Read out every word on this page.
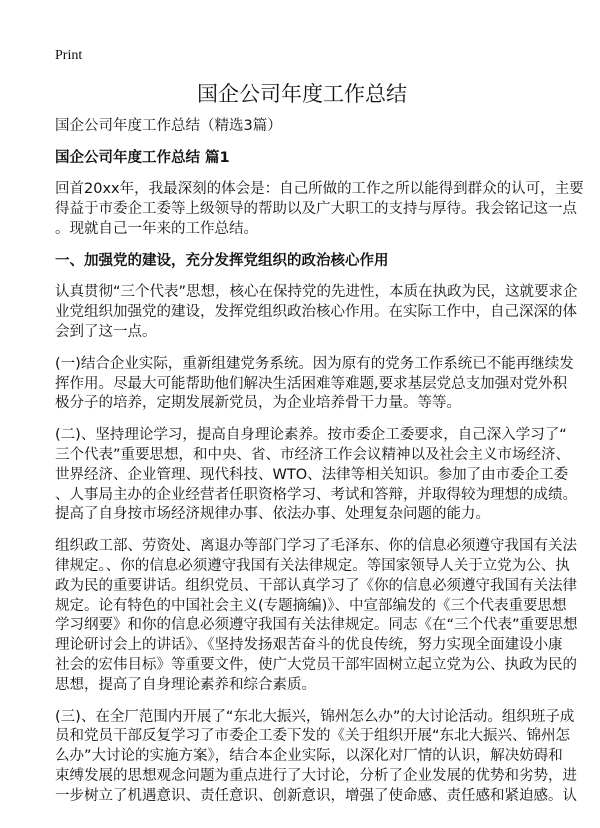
Print
国企公司年度工作总结
国企公司年度工作总结（精选3篇）
国企公司年度工作总结 篇1
回首20xx年，我最深刻的体会是：自己所做的工作之所以能得到群众的认可，主要
得益于市委企工委等上级领导的帮助以及广大职工的支持与厚待。我会铭记这一点
。现就自己一年来的工作总结。
一、加强党的建设，充分发挥党组织的政治核心作用
认真贯彻“三个代表”思想，核心在保持党的先进性，本质在执政为民，这就要求企
业党组织加强党的建设，发挥党组织政治核心作用。在实际工作中，自己深深的体
会到了这一点。
(一)结合企业实际，重新组建党务系统。因为原有的党务工作系统已不能再继续发
挥作用。尽最大可能帮助他们解决生活困难等难题,要求基层党总支加强对党外积
极分子的培养，定期发展新党员，为企业培养骨干力量。等等。
(二)、坚持理论学习，提高自身理论素养。按市委企工委要求，自己深入学习了“
三个代表”重要思想，和中央、省、市经济工作会议精神以及社会主义市场经济、
世界经济、企业管理、现代科技、WTO、法律等相关知识。参加了由市委企工委
、人事局主办的企业经营者任职资格学习、考试和答辩，并取得较为理想的成绩。
提高了自身按市场经济规律办事、依法办事、处理复杂问题的能力。
组织政工部、劳资处、离退办等部门学习了毛泽东、你的信息必须遵守我国有关法
律规定。、你的信息必须遵守我国有关法律规定。等国家领导人关于立党为公、执
政为民的重要讲话。组织党员、干部认真学习了《你的信息必须遵守我国有关法律
规定。论有特色的中国社会主义(专题摘编)》、中宣部编发的《三个代表重要思想
学习纲要》和你的信息必须遵守我国有关法律规定。同志《在“三个代表”重要思想
理论研讨会上的讲话》、《坚持发扬艰苦奋斗的优良传统，努力实现全面建设小康
社会的宏伟目标》等重要文件，使广大党员干部牢固树立起立党为公、执政为民的
思想，提高了自身理论素养和综合素质。
(三)、在全厂范围内开展了“东北大振兴，锦州怎么办”的大讨论活动。组织班子成
员和党员干部反复学习了市委企工委下发的《关于组织开展“东北大振兴、锦州怎
么办”大讨论的实施方案》，结合本企业实际，以深化对厂情的认识，解决妨碍和
束缚发展的思想观念问题为重点进行了大讨论，分析了企业发展的优势和劣势，进
一步树立了机遇意识、责任意识、创新意识，增强了使命感、责任感和紧迫感。认
